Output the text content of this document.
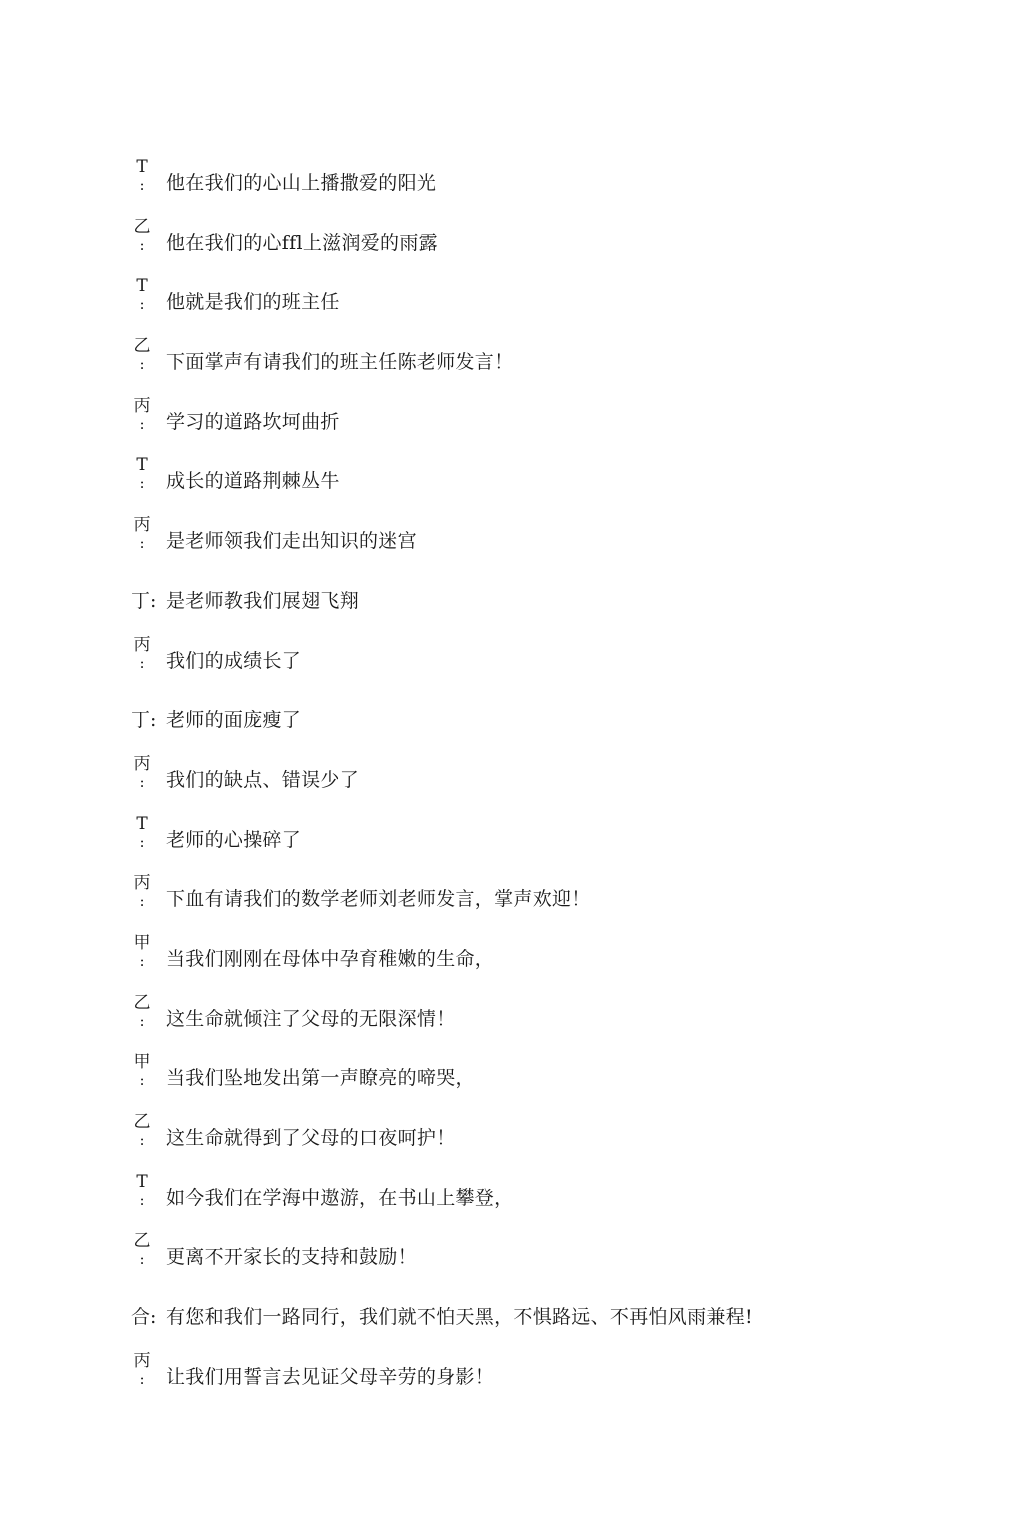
T
:	他在我们的心山上播撒爱的阳光
乙
:	他在我们的心ffl上滋润爱的雨露
T
:	他就是我们的班主任
乙
:	下面掌声有请我们的班主任陈老师发言！
丙
:	学习的道路坎坷曲折
T
:	成长的道路荆棘丛牛
丙
:	是老师领我们走出知识的迷宫
丁: 是老师教我们展翅飞翔
丙
:	我们的成绩长了
丁: 老师的面庞瘦了
丙
:	我们的缺点、错误少了
T
:	老师的心操碎了
丙
:	下血有请我们的数学老师刘老师发言，掌声欢迎！
甲
:	当我们刚刚在母体中孕育稚嫩的生命，
乙
:	这生命就倾注了父母的无限深情！
甲
:	当我们坠地发出第一声瞭亮的啼哭，
乙
:	这生命就得到了父母的口夜呵护！
T
:	如今我们在学海中遨游，在书山上攀登，
乙
:	更离不开家长的支持和鼓励！
合: 有您和我们一路同行，我们就不怕天黑，不惧路远、不再怕风雨兼程!
丙
:	让我们用誓言去见证父母辛劳的身影！
